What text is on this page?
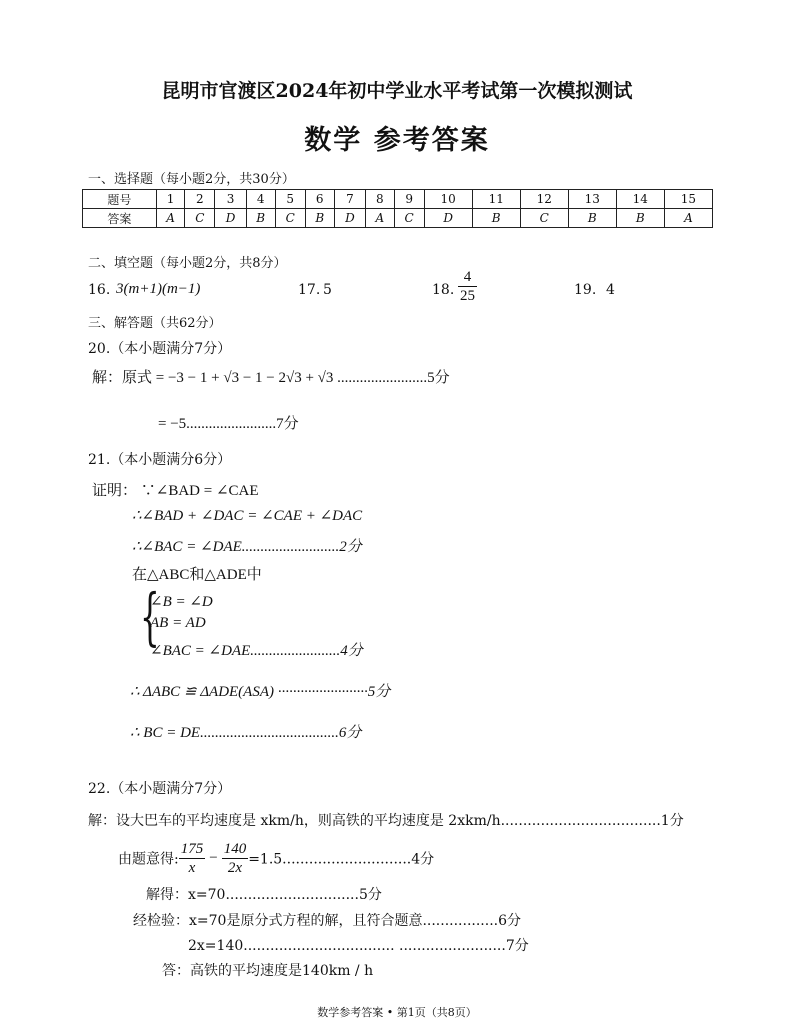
昆明市官渡区2024年初中学业水平考试第一次模拟测试
数学 参考答案
一、选择题（每小题2分，共30分）
题号	1	2	3	4	5	6	7	8	9	10	11	12	13	14	15
答案	A	C	D	B	C	B	D	A	C	D	B	C	B	B	A
二、填空题（每小题2分，共8分）
16. 3(m+1)(m−1)	17. 5	18. $\frac{4}{25}$	19. 4
三、解答题（共62分）
20.（本小题满分7分）
解：原式 = −3 − 1 + √3 − 1 − 2√3 + √3 ........................5分
= −5........................7分
21.（本小题满分6分）
证明： ∵∠BAD = ∠CAE
∴∠BAD + ∠DAC = ∠CAE + ∠DAC
∴∠BAC = ∠DAE..........................2分
在△ABC和△ADE中
{
∠B = ∠D
AB = AD
∠BAC = ∠DAE........................4分
∴ ΔABC ≌ ΔADE(ASA) ························5分
∴ BC = DE.....................................6分
22.（本小题满分7分）
解：设大巴车的平均速度是 xkm/h，则高铁的平均速度是 2xkm/h....................................1分
由题意得: $\frac{175}{x} - \frac{140}{2x} =1.5.............................4$分
解得：x=70..............................5分
经检验：x=70是原分式方程的解，且符合题意.................6分
2x=140.................................. ........................7分
答：高铁的平均速度是140km / h
数学参考答案 • 第1页（共8页）
